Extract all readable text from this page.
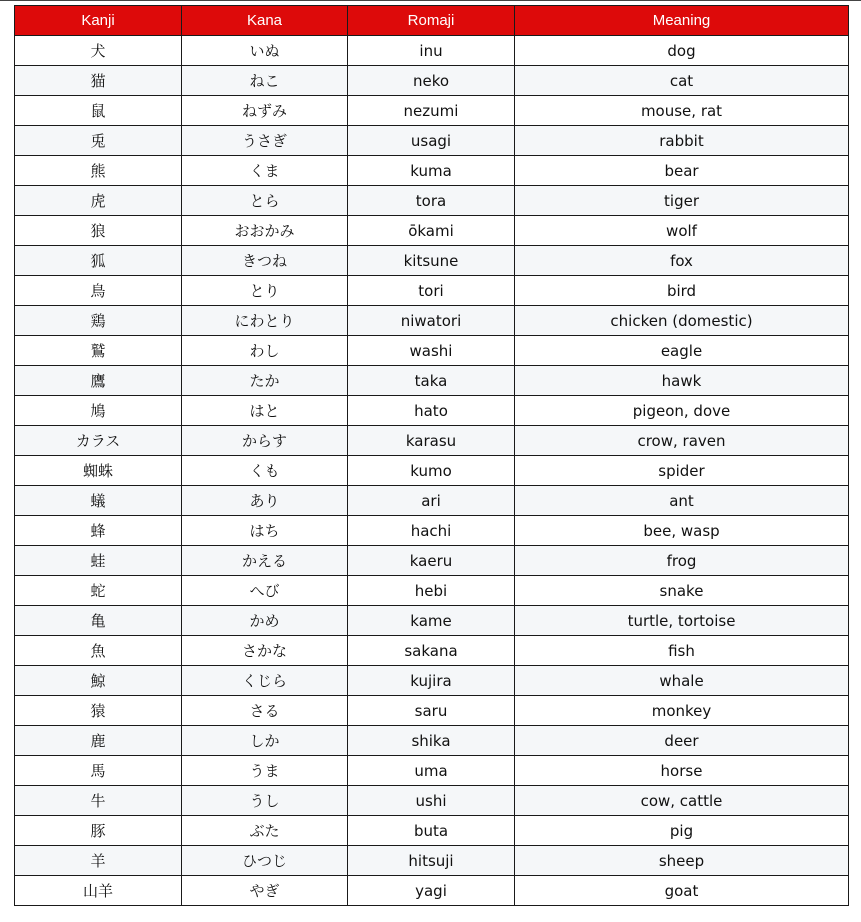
Kanji	Kana	Romaji	Meaning
犬	いぬ	inu	dog
猫	ねこ	neko	cat
鼠	ねずみ	nezumi	mouse, rat
兎	うさぎ	usagi	rabbit
熊	くま	kuma	bear
虎	とら	tora	tiger
狼	おおかみ	ōkami	wolf
狐	きつね	kitsune	fox
鳥	とり	tori	bird
鶏	にわとり	niwatori	chicken (domestic)
鷲	わし	washi	eagle
鷹	たか	taka	hawk
鳩	はと	hato	pigeon, dove
カラス	からす	karasu	crow, raven
蜘蛛	くも	kumo	spider
蟻	あり	ari	ant
蜂	はち	hachi	bee, wasp
蛙	かえる	kaeru	frog
蛇	へび	hebi	snake
亀	かめ	kame	turtle, tortoise
魚	さかな	sakana	fish
鯨	くじら	kujira	whale
猿	さる	saru	monkey
鹿	しか	shika	deer
馬	うま	uma	horse
牛	うし	ushi	cow, cattle
豚	ぶた	buta	pig
羊	ひつじ	hitsuji	sheep
山羊	やぎ	yagi	goat
